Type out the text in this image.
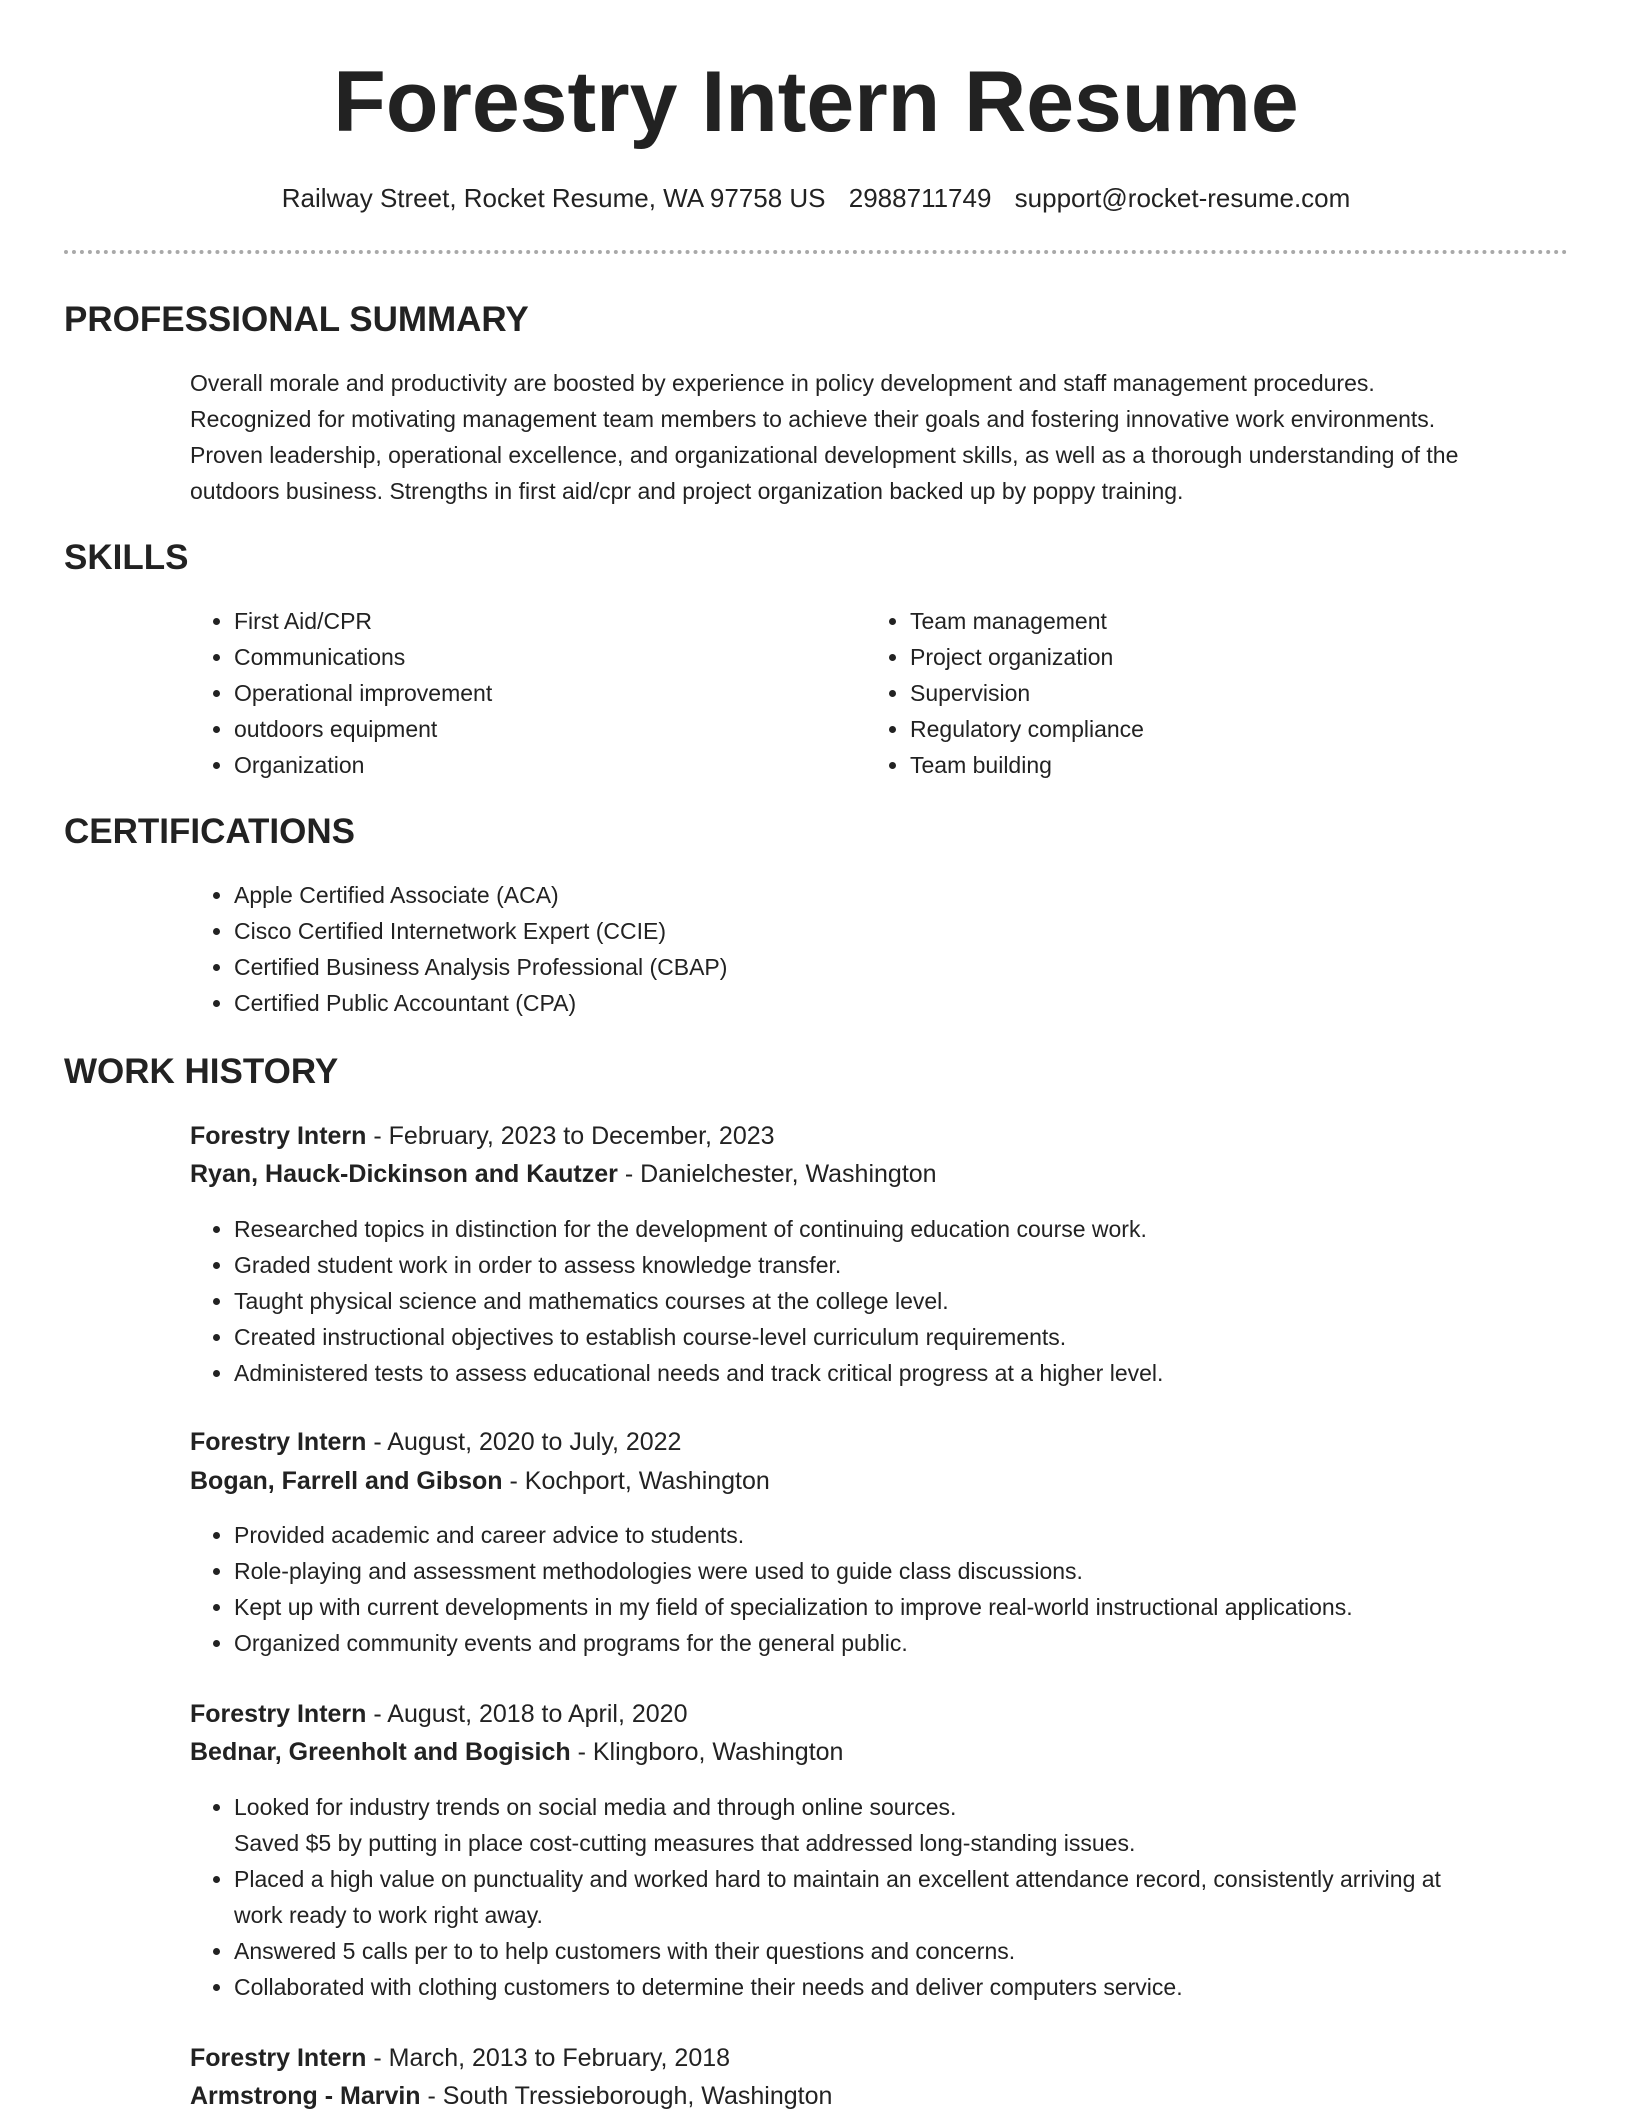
Forestry Intern Resume
Railway Street, Rocket Resume, WA 97758 US 2988711749 support@rocket-resume.com
PROFESSIONAL SUMMARY
Overall morale and productivity are boosted by experience in policy development and staff management procedures.
Recognized for motivating management team members to achieve their goals and fostering innovative work environments.
Proven leadership, operational excellence, and organizational development skills, as well as a thorough understanding of the
outdoors business. Strengths in first aid/cpr and project organization backed up by poppy training.
SKILLS
• First Aid/CPR
• Communications
• Operational improvement
• outdoors equipment
• Organization
• Team management
• Project organization
• Supervision
• Regulatory compliance
• Team building
CERTIFICATIONS
• Apple Certified Associate (ACA)
• Cisco Certified Internetwork Expert (CCIE)
• Certified Business Analysis Professional (CBAP)
• Certified Public Accountant (CPA)
WORK HISTORY
Forestry Intern - February, 2023 to December, 2023
Ryan, Hauck-Dickinson and Kautzer - Danielchester, Washington
• Researched topics in distinction for the development of continuing education course work.
• Graded student work in order to assess knowledge transfer.
• Taught physical science and mathematics courses at the college level.
• Created instructional objectives to establish course-level curriculum requirements.
• Administered tests to assess educational needs and track critical progress at a higher level.
Forestry Intern - August, 2020 to July, 2022
Bogan, Farrell and Gibson - Kochport, Washington
• Provided academic and career advice to students.
• Role-playing and assessment methodologies were used to guide class discussions.
• Kept up with current developments in my field of specialization to improve real-world instructional applications.
• Organized community events and programs for the general public.
Forestry Intern - August, 2018 to April, 2020
Bednar, Greenholt and Bogisich - Klingboro, Washington
• Looked for industry trends on social media and through online sources.
Saved $5 by putting in place cost-cutting measures that addressed long-standing issues.
• Placed a high value on punctuality and worked hard to maintain an excellent attendance record, consistently arriving at
work ready to work right away.
• Answered 5 calls per to to help customers with their questions and concerns.
• Collaborated with clothing customers to determine their needs and deliver computers service.
Forestry Intern - March, 2013 to February, 2018
Armstrong - Marvin - South Tressieborough, Washington
